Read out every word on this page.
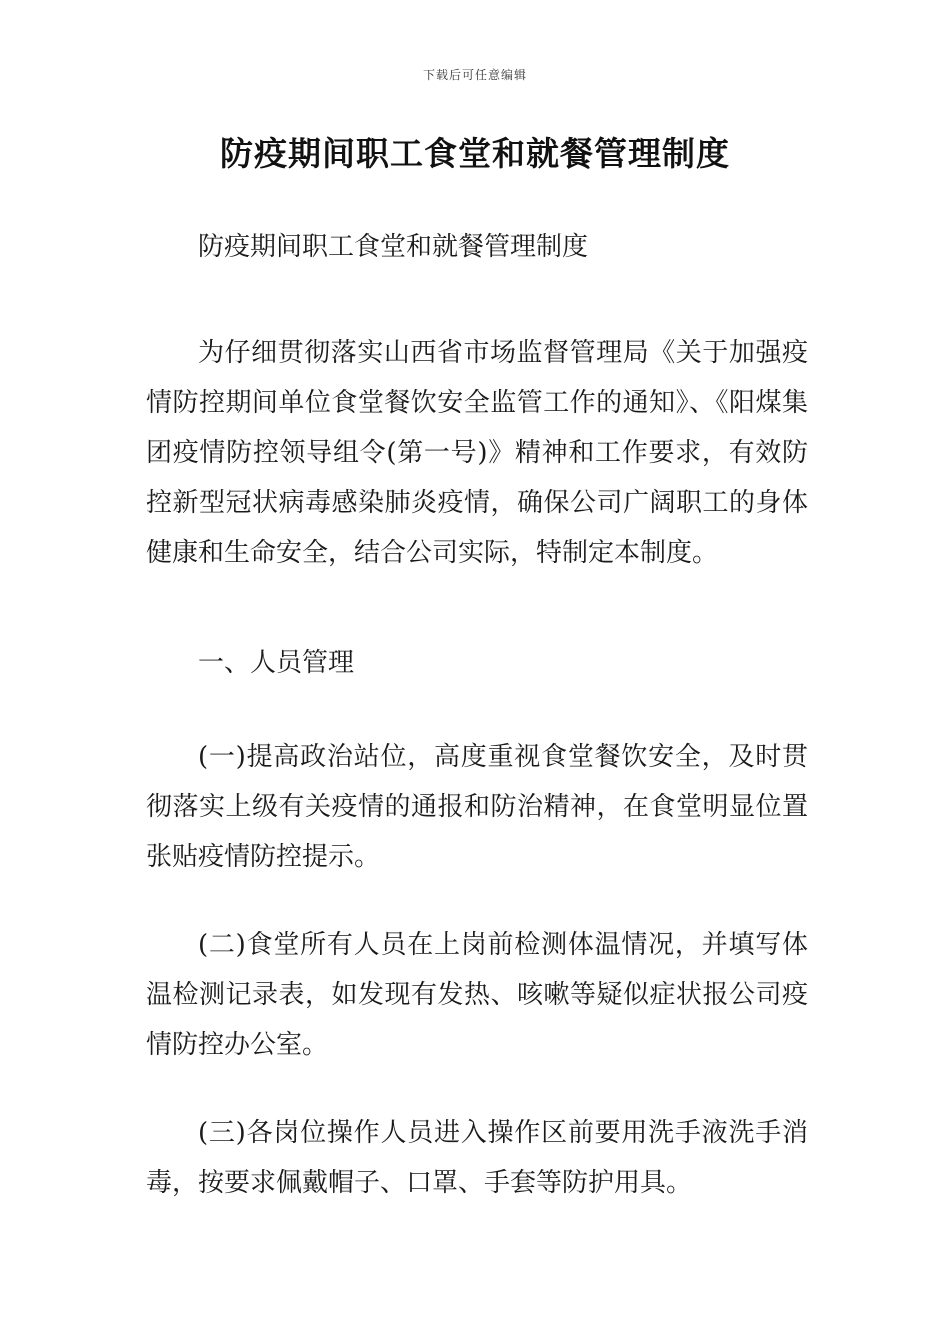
下载后可任意编辑
防疫期间职工食堂和就餐管理制度

防疫期间职工食堂和就餐管理制度

为仔细贯彻落实山西省市场监督管理局《关于加强疫情防控期间单位食堂餐饮安全监管工作的通知》、《阳煤集团疫情防控领导组令(第一号)》精神和工作要求，有效防控新型冠状病毒感染肺炎疫情，确保公司广阔职工的身体健康和生命安全，结合公司实际，特制定本制度。

一、人员管理

(一)提高政治站位，高度重视食堂餐饮安全，及时贯彻落实上级有关疫情的通报和防治精神，在食堂明显位置张贴疫情防控提示。

(二)食堂所有人员在上岗前检测体温情况，并填写体温检测记录表，如发现有发热、咳嗽等疑似症状报公司疫情防控办公室。

(三)各岗位操作人员进入操作区前要用洗手液洗手消毒，按要求佩戴帽子、口罩、手套等防护用具。
